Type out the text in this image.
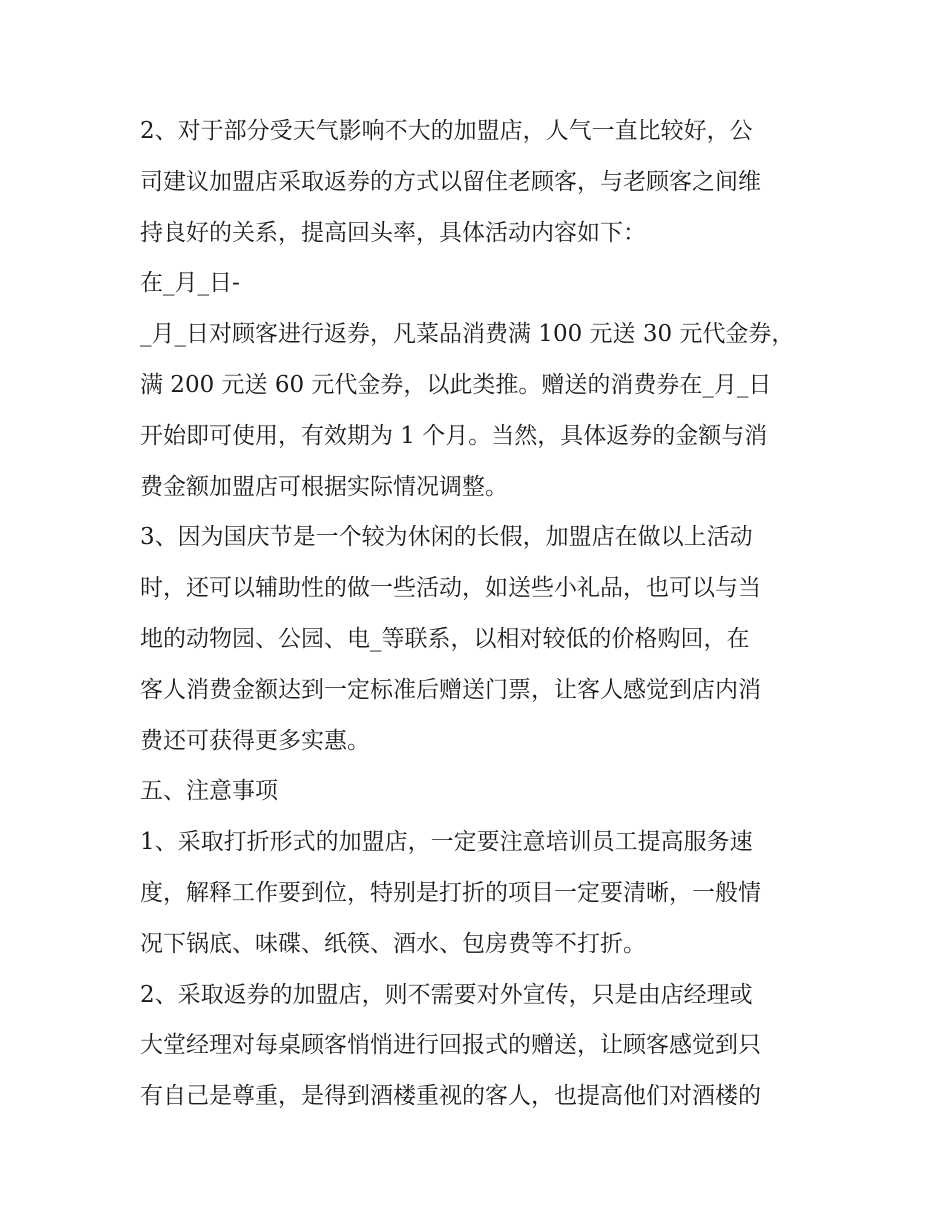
2、对于部分受天气影响不大的加盟店，人气一直比较好，公
司建议加盟店采取返券的方式以留住老顾客，与老顾客之间维
持良好的关系，提高回头率，具体活动内容如下：
在_月_日-
_月_日对顾客进行返券，凡菜品消费满 100 元送 30 元代金券，
满 200 元送 60 元代金券，以此类推。赠送的消费券在_月_日
开始即可使用，有效期为 1 个月。当然，具体返券的金额与消
费金额加盟店可根据实际情况调整。
3、因为国庆节是一个较为休闲的长假，加盟店在做以上活动
时，还可以辅助性的做一些活动，如送些小礼品，也可以与当
地的动物园、公园、电_等联系，以相对较低的价格购回，在
客人消费金额达到一定标准后赠送门票，让客人感觉到店内消
费还可获得更多实惠。
五、注意事项
1、采取打折形式的加盟店，一定要注意培训员工提高服务速
度，解释工作要到位，特别是打折的项目一定要清晰，一般情
况下锅底、味碟、纸筷、酒水、包房费等不打折。
2、采取返券的加盟店，则不需要对外宣传，只是由店经理或
大堂经理对每桌顾客悄悄进行回报式的赠送，让顾客感觉到只
有自己是尊重，是得到酒楼重视的客人，也提高他们对酒楼的
